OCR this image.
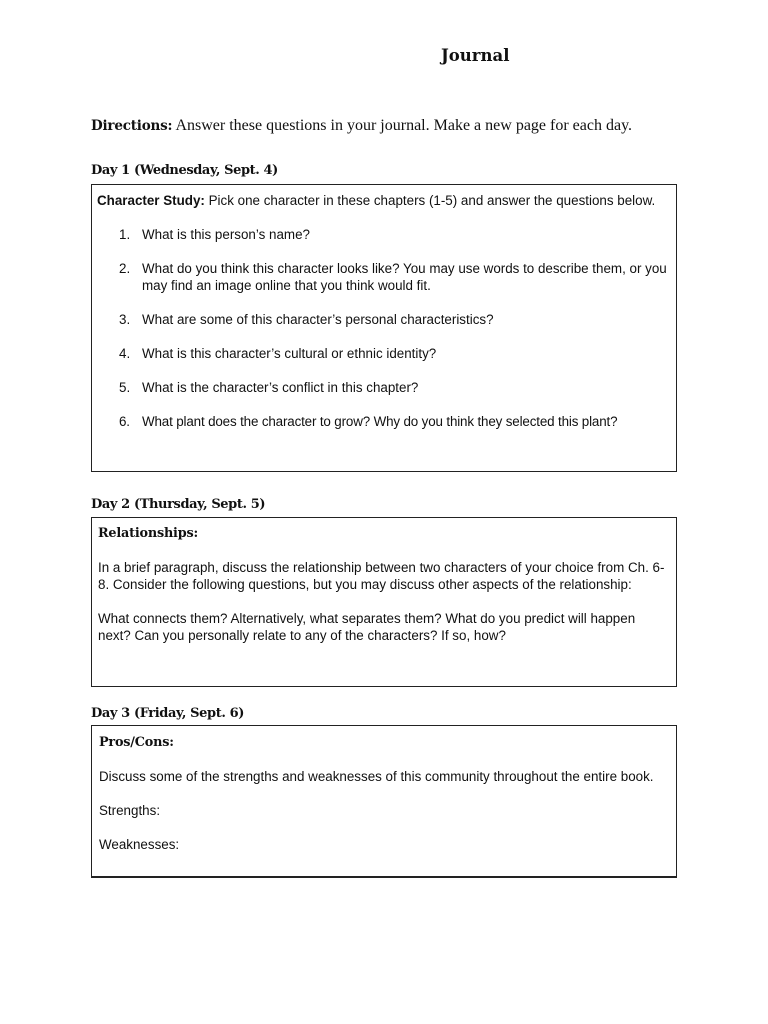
Journal
Directions: Answer these questions in your journal. Make a new page for each day.
Day 1 (Wednesday, Sept. 4)

Character Study: Pick one character in these chapters (1-5) and answer the questions below.

1. What is this person’s name?
2. What do you think this character looks like? You may use words to describe them, or you may find an image online that you think would fit.
3. What are some of this character’s personal characteristics?
4. What is this character’s cultural or ethnic identity?
5. What is the character’s conflict in this chapter?
6. What plant does the character to grow? Why do you think they selected this plant?
Day 2 (Thursday, Sept. 5)

Relationships:

In a brief paragraph, discuss the relationship between two characters of your choice from Ch. 6-8. Consider the following questions, but you may discuss other aspects of the relationship:

What connects them? Alternatively, what separates them? What do you predict will happen next? Can you personally relate to any of the characters? If so, how?

Day 3 (Friday, Sept. 6)

Pros/Cons:

Discuss some of the strengths and weaknesses of this community throughout the entire book.

Strengths:

Weaknesses:
